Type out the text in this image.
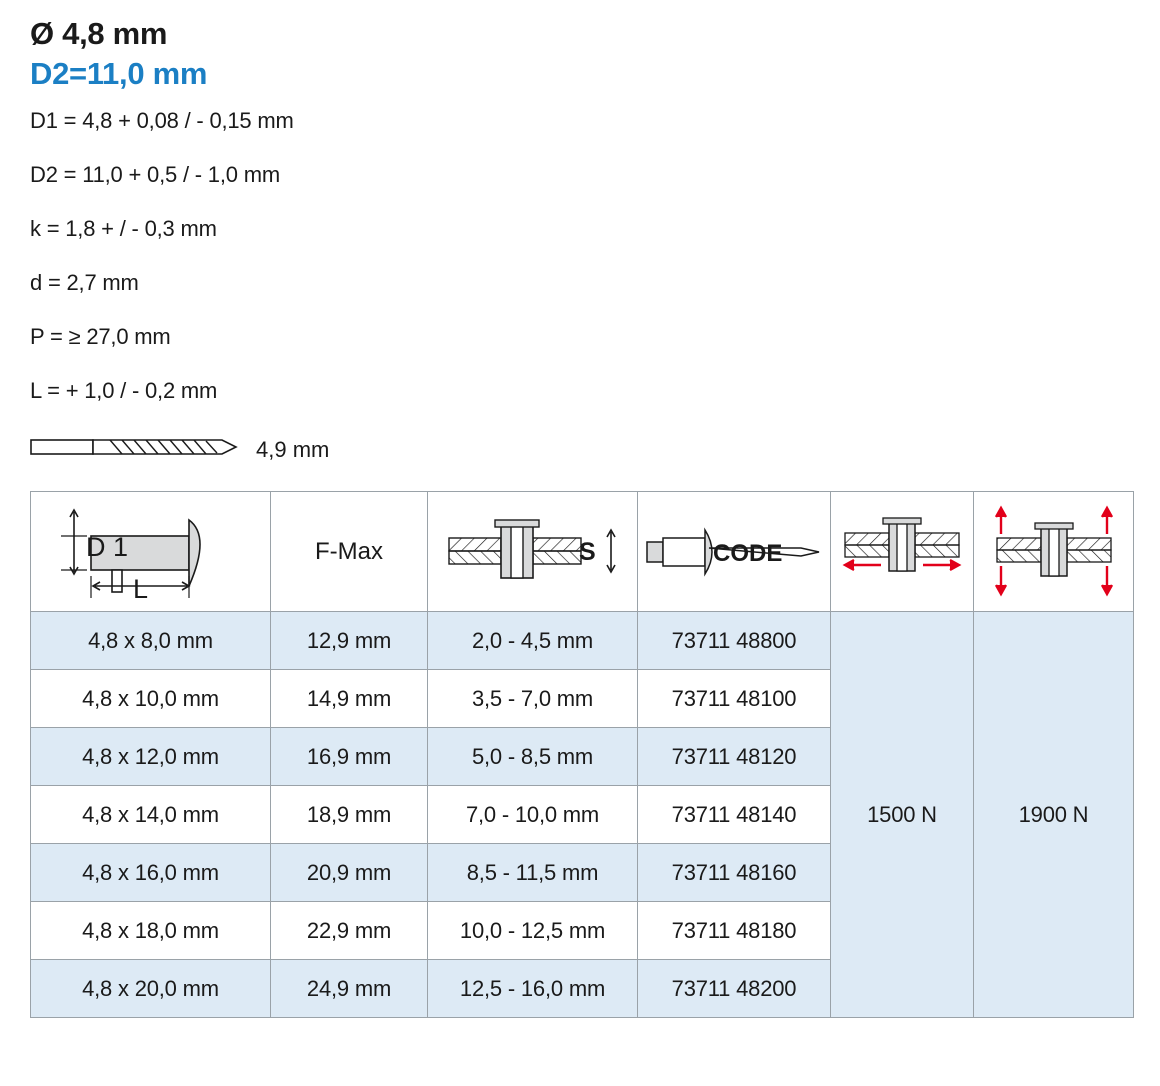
Ø 4,8 mm
D2=11,0 mm
D1 = 4,8 + 0,08 / - 0,15 mm
D2 = 11,0 + 0,5 / - 1,0 mm
k = 1,8 + / - 0,3 mm
d = 2,7 mm
P = ≥ 27,0 mm
L = + 1,0 / - 0,2 mm
4,9 mm
D 1
L	F-Max	S	CODE

4,8 x 8,0 mm	12,9 mm	2,0 - 4,5 mm	73711 48800	1500 N	1900 N
4,8 x 10,0 mm	14,9 mm	3,5 - 7,0 mm	73711 48100		
4,8 x 12,0 mm	16,9 mm	5,0 - 8,5 mm	73711 48120		
4,8 x 14,0 mm	18,9 mm	7,0 - 10,0 mm	73711 48140		
4,8 x 16,0 mm	20,9 mm	8,5 - 11,5 mm	73711 48160		
4,8 x 18,0 mm	22,9 mm	10,0 - 12,5 mm	73711 48180		
4,8 x 20,0 mm	24,9 mm	12,5 - 16,0 mm	73711 48200		
